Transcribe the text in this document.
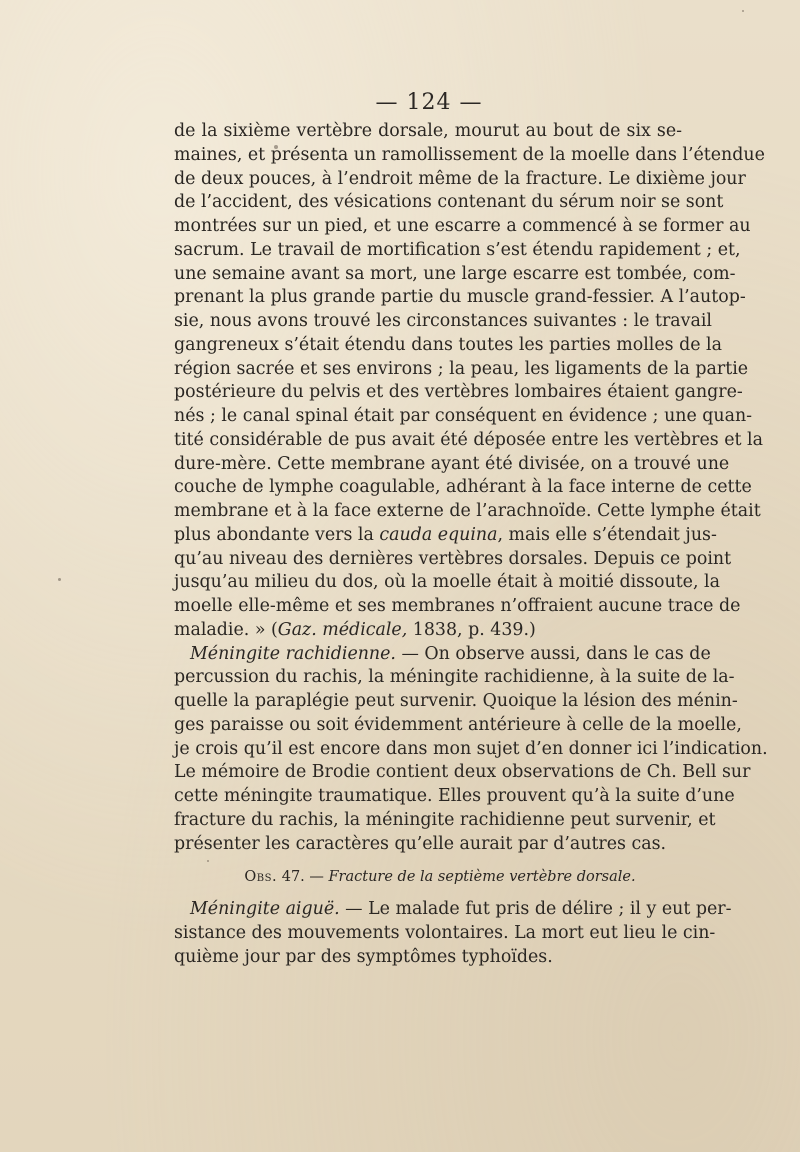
— 124 —
de la sixième vertèbre dorsale, mourut au bout de six se-
maines, et présenta un ramollissement de la moelle dans l’étendue
de deux pouces, à l’endroit même de la fracture. Le dixième jour
de l’accident, des vésications contenant du sérum noir se sont
montrées sur un pied, et une escarre a commencé à se former au
sacrum. Le travail de mortification s’est étendu rapidement ; et,
une semaine avant sa mort, une large escarre est tombée, com-
prenant la plus grande partie du muscle grand-fessier. A l’autop-
sie, nous avons trouvé les circonstances suivantes : le travail
gangreneux s’était étendu dans toutes les parties molles de la
région sacrée et ses environs ; la peau, les ligaments de la partie
postérieure du pelvis et des vertèbres lombaires étaient gangre-
nés ; le canal spinal était par conséquent en évidence ; une quan-
tité considérable de pus avait été déposée entre les vertèbres et la
dure-mère. Cette membrane ayant été divisée, on a trouvé une
couche de lymphe coagulable, adhérant à la face interne de cette
membrane et à la face externe de l’arachnoïde. Cette lymphe était
plus abondante vers la cauda equina, mais elle s’étendait jus-
qu’au niveau des dernières vertèbres dorsales. Depuis ce point
jusqu’au milieu du dos, où la moelle était à moitié dissoute, la
moelle elle-même et ses membranes n’offraient aucune trace de
maladie. » (Gaz. médicale, 1838, p. 439.)
Méningite rachidienne. — On observe aussi, dans le cas de
percussion du rachis, la méningite rachidienne, à la suite de la-
quelle la paraplégie peut survenir. Quoique la lésion des ménin-
ges paraisse ou soit évidemment antérieure à celle de la moelle,
je crois qu’il est encore dans mon sujet d’en donner ici l’indication.
Le mémoire de Brodie contient deux observations de Ch. Bell sur
cette méningite traumatique. Elles prouvent qu’à la suite d’une
fracture du rachis, la méningite rachidienne peut survenir, et
présenter les caractères qu’elle aurait par d’autres cas.
Obs. 47. — Fracture de la septième vertèbre dorsale.
Méningite aiguë. — Le malade fut pris de délire ; il y eut per-
sistance des mouvements volontaires. La mort eut lieu le cin-
quième jour par des symptômes typhoïdes.
